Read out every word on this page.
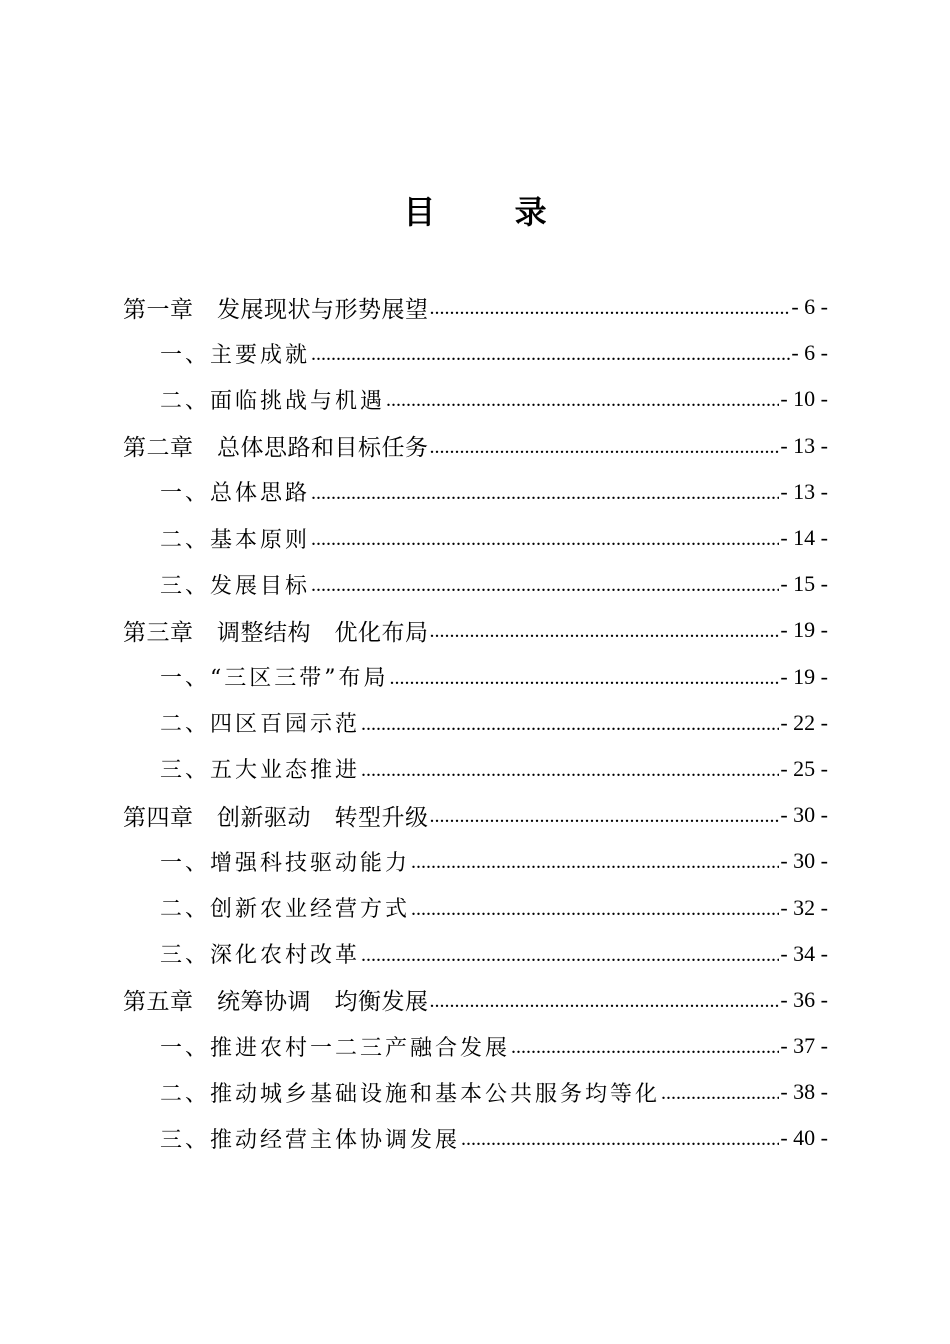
目 录
第一章　发展现状与形势展望 .....	- 6 -
一、主要成就 .....	- 6 -
二、面临挑战与机遇 .....	- 10 -
第二章　总体思路和目标任务 .....	- 13 -
一、总体思路 .....	- 13 -
二、基本原则 .....	- 14 -
三、发展目标 .....	- 15 -
第三章　调整结构　优化布局 .....	- 19 -
一、“三区三带”布局 .....	- 19 -
二、四区百园示范 .....	- 22 -
三、五大业态推进 .....	- 25 -
第四章　创新驱动　转型升级 .....	- 30 -
一、增强科技驱动能力 .....	- 30 -
二、创新农业经营方式 .....	- 32 -
三、深化农村改革 .....	- 34 -
第五章　统筹协调　均衡发展 .....	- 36 -
一、推进农村一二三产融合发展 .....	- 37 -
二、推动城乡基础设施和基本公共服务均等化 .....	- 38 -
三、推动经营主体协调发展 .....	- 40 -
